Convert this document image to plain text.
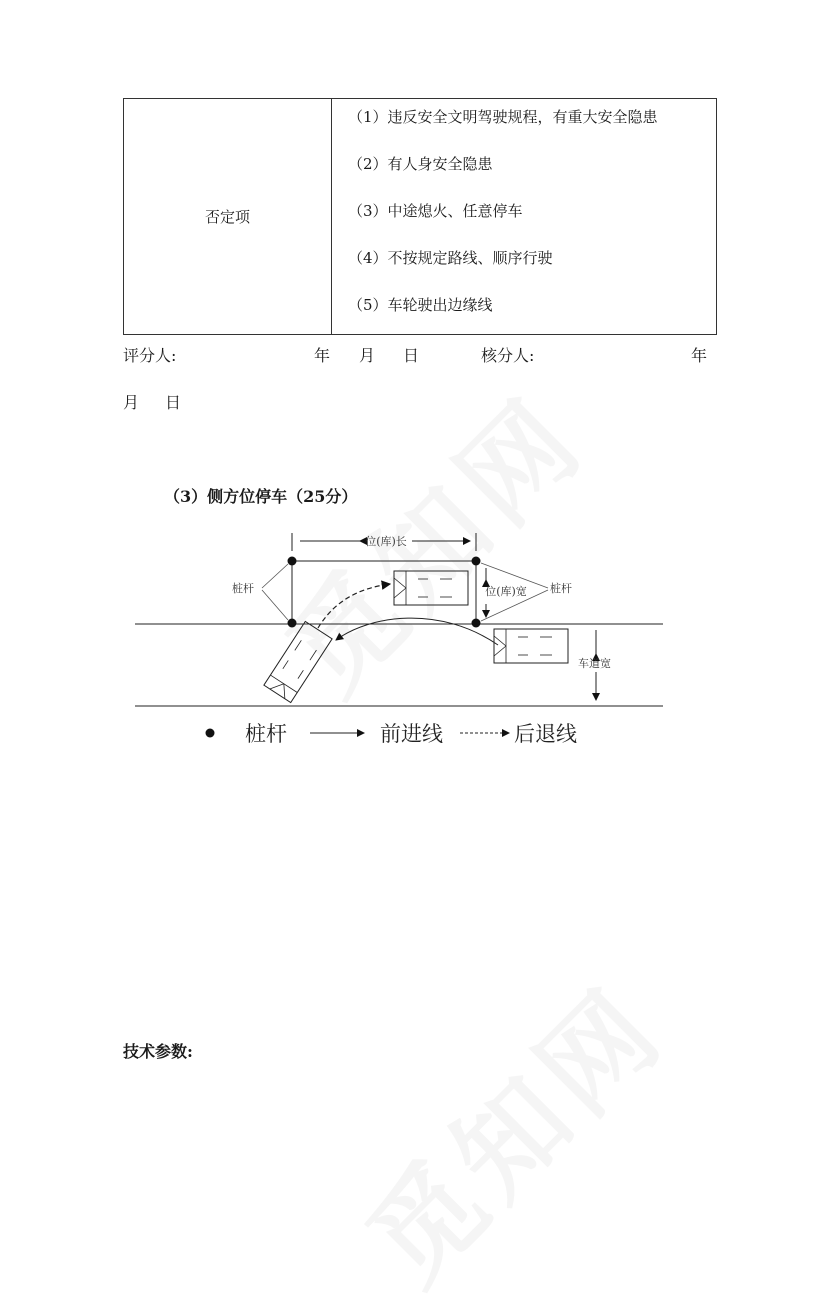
否定项	
（1）违反安全文明驾驶规程，有重大安全隐患
（2）有人身安全隐患
（3）中途熄火、任意停车
（4）不按规定路线、顺序行驶
（5）车轮驶出边缘线
评分人:	年 月 日	核分人:	年
月 日
（3）侧方位停车（25分）
位(库)长
位(库)宽
桩杆	桩杆
车道宽
桩杆	前进线	后退线
技术参数:
